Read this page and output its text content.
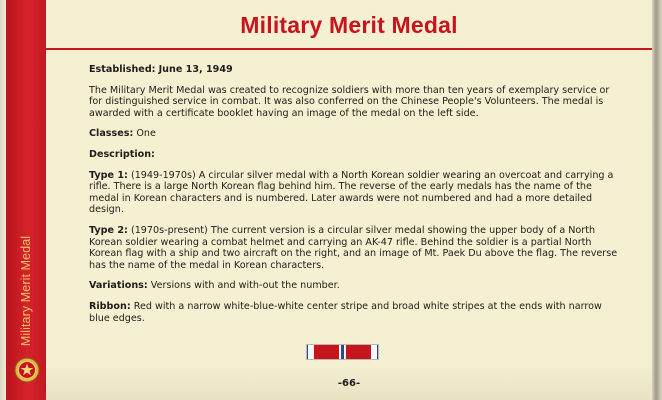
Military Merit Medal
Military Merit Medal

Established: June 13, 1949

The Military Merit Medal was created to recognize soldiers with more than ten years of exemplary service or for distinguished service in combat. It was also conferred on the Chinese People's Volunteers. The medal is awarded with a certificate booklet having an image of the medal on the left side.

Classes: One

Description:

Type 1: (1949-1970s) A circular silver medal with a North Korean soldier wearing an overcoat and carrying a rifle. There is a large North Korean flag behind him. The reverse of the early medals has the name of the medal in Korean characters and is numbered. Later awards were not numbered and had a more detailed design.

Type 2: (1970s-present) The current version is a circular silver medal showing the upper body of a North Korean soldier wearing a combat helmet and carrying an AK-47 rifle. Behind the soldier is a partial North Korean flag with a ship and two aircraft on the right, and an image of Mt. Paek Du above the flag. The reverse has the name of the medal in Korean characters.

Variations: Versions with and with-out the number.

Ribbon: Red with a narrow white-blue-white center stripe and broad white stripes at the ends with narrow blue edges.

-66-
